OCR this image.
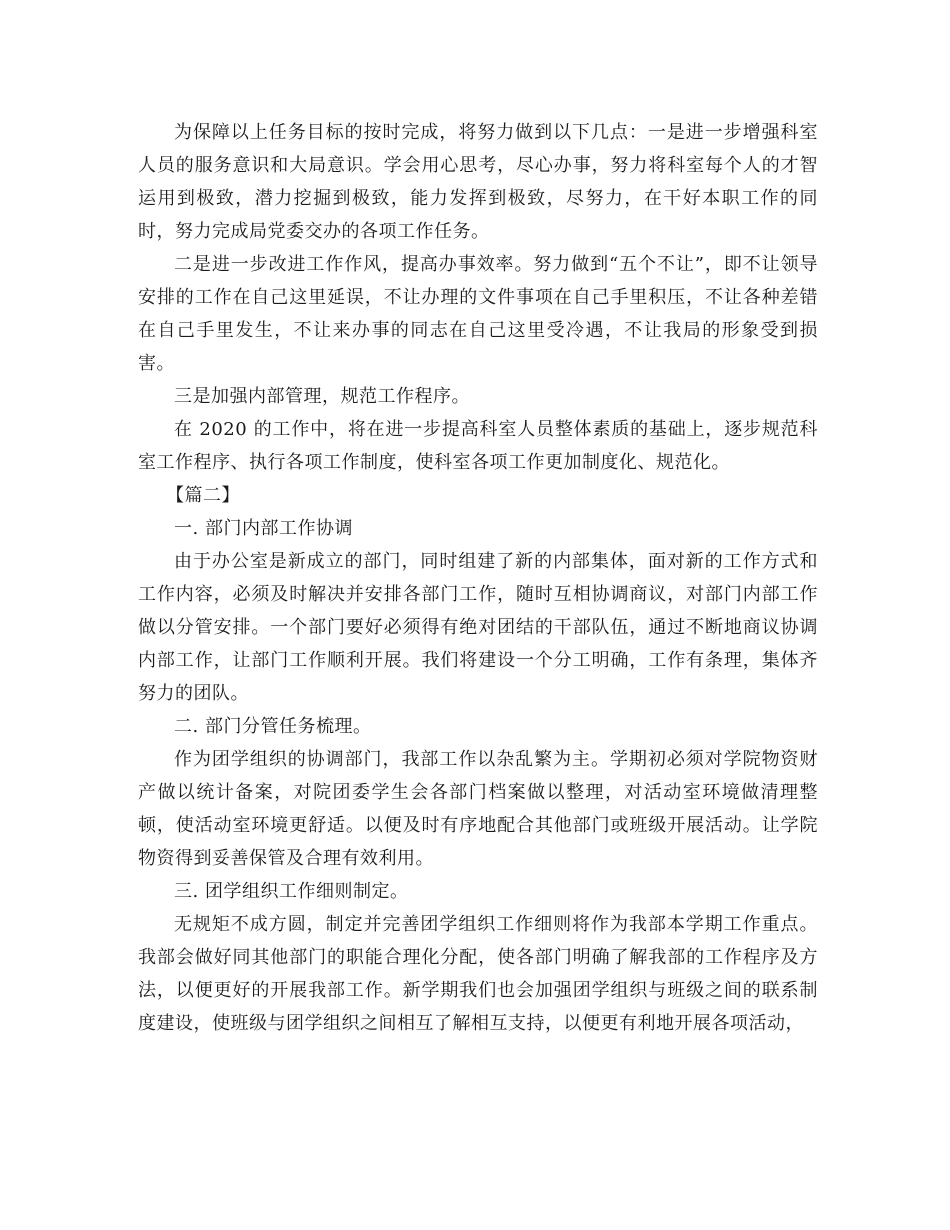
为保障以上任务目标的按时完成，将努力做到以下几点：一是进一步增强科室人员的服务意识和大局意识。学会用心思考，尽心办事，努力将科室每个人的才智运用到极致，潜力挖掘到极致，能力发挥到极致，尽努力，在干好本职工作的同时，努力完成局党委交办的各项工作任务。

二是进一步改进工作作风，提高办事效率。努力做到“五个不让”，即不让领导安排的工作在自己这里延误，不让办理的文件事项在自己手里积压，不让各种差错在自己手里发生，不让来办事的同志在自己这里受冷遇，不让我局的形象受到损害。

三是加强内部管理，规范工作程序。

在 2020 的工作中，将在进一步提高科室人员整体素质的基础上，逐步规范科室工作程序、执行各项工作制度，使科室各项工作更加制度化、规范化。

【篇二】

一. 部门内部工作协调

由于办公室是新成立的部门，同时组建了新的内部集体，面对新的工作方式和工作内容，必须及时解决并安排各部门工作，随时互相协调商议，对部门内部工作做以分管安排。一个部门要好必须得有绝对团结的干部队伍，通过不断地商议协调内部工作，让部门工作顺利开展。我们将建设一个分工明确，工作有条理，集体齐努力的团队。

二. 部门分管任务梳理。

作为团学组织的协调部门，我部工作以杂乱繁为主。学期初必须对学院物资财产做以统计备案，对院团委学生会各部门档案做以整理，对活动室环境做清理整顿，使活动室环境更舒适。以便及时有序地配合其他部门或班级开展活动。让学院物资得到妥善保管及合理有效利用。

三. 团学组织工作细则制定。

无规矩不成方圆，制定并完善团学组织工作细则将作为我部本学期工作重点。我部会做好同其他部门的职能合理化分配，使各部门明确了解我部的工作程序及方法，以便更好的开展我部工作。新学期我们也会加强团学组织与班级之间的联系制度建设，使班级与团学组织之间相互了解相互支持，以便更有利地开展各项活动，
